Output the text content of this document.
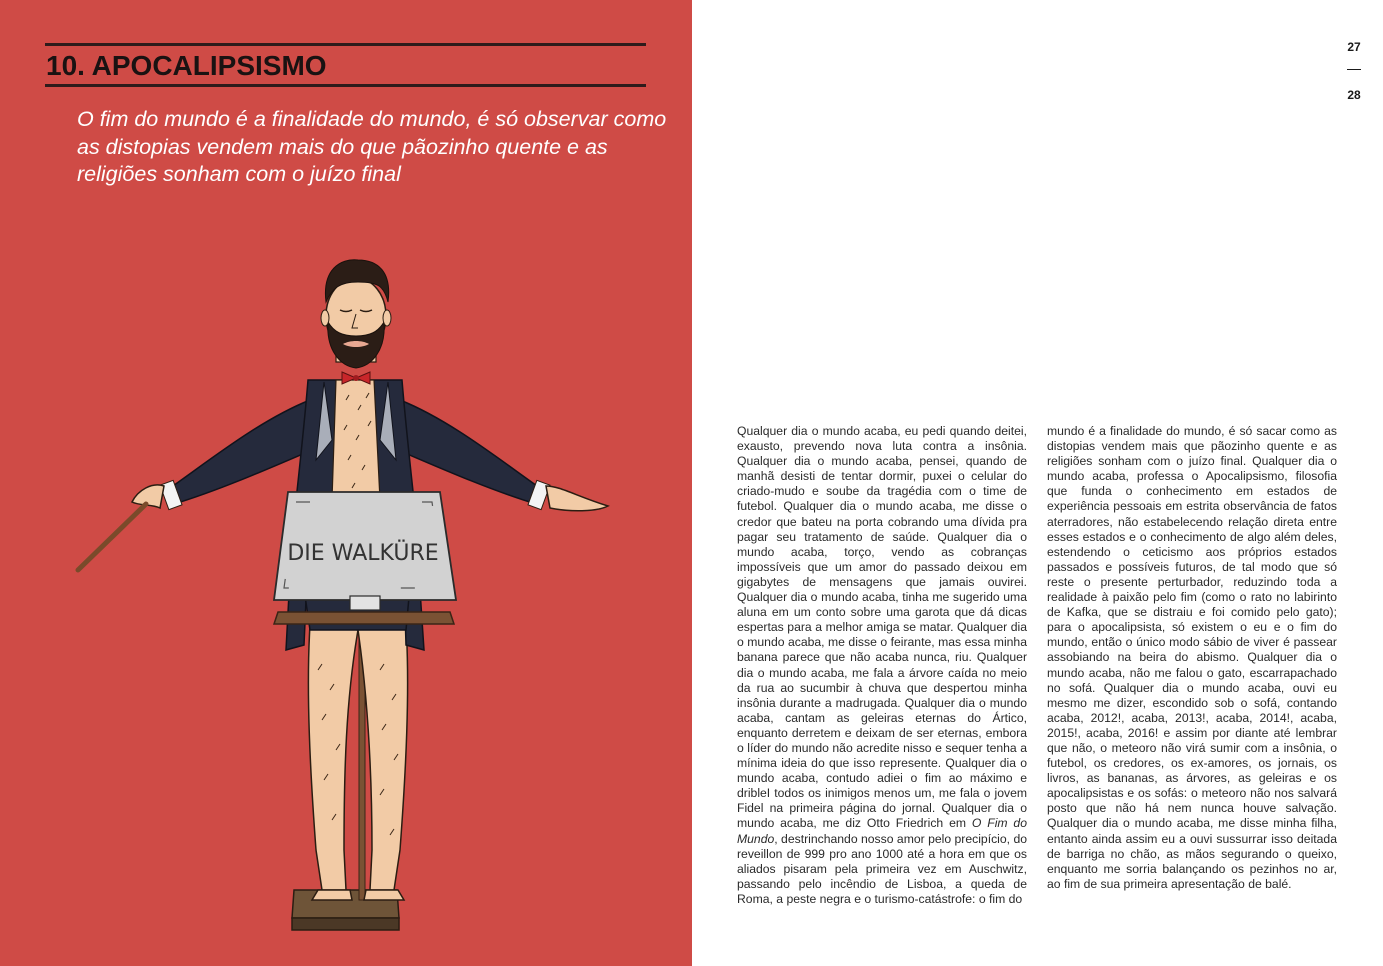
10. APOCALIPSISMO

O fim do mundo é a finalidade do mundo, é só observar como as distopias vendem mais do que pãozinho quente e as religiões sonham com o juízo final

DIE WALKÜRE
27
28
Qualquer dia o mundo acaba, eu pedi quando deitei, exausto, prevendo nova luta contra a insônia. Qualquer dia o mundo acaba, pensei, quando de manhã desisti de tentar dormir, puxei o celular do criado-mudo e soube da tragédia com o time de futebol. Qualquer dia o mundo acaba, me disse o credor que bateu na porta cobrando uma dívida pra pagar seu tratamento de saúde. Qualquer dia o mundo acaba, torço, vendo as cobranças impossíveis que um amor do passado deixou em gigabytes de mensagens que jamais ouvirei. Qualquer dia o mundo acaba, tinha me sugerido uma aluna em um conto sobre uma garota que dá dicas espertas para a melhor amiga se matar. Qualquer dia o mundo acaba, me disse o feirante, mas essa minha banana parece que não acaba nunca, riu. Qualquer dia o mundo acaba, me fala a árvore caída no meio da rua ao sucumbir à chuva que despertou minha insônia durante a madrugada. Qualquer dia o mundo acaba, cantam as geleiras eternas do Ártico, enquanto derretem e deixam de ser eternas, embora o líder do mundo não acredite nisso e sequer tenha a mínima ideia do que isso represente. Qualquer dia o mundo acaba, contudo adiei o fim ao máximo e dribleI todos os inimigos menos um, me fala o jovem Fidel na primeira página do jornal. Qualquer dia o mundo acaba, me diz Otto Friedrich em O Fim do Mundo, destrinchando nosso amor pelo precipício, do reveillon de 999 pro ano 1000 até a hora em que os aliados pisaram pela primeira vez em Auschwitz, passando pelo incêndio de Lisboa, a queda de Roma, a peste negra e o turismo-catástrofe: o fim do
mundo é a finalidade do mundo, é só sacar como as distopias vendem mais que pãozinho quente e as religiões sonham com o juízo final. Qualquer dia o mundo acaba, professa o Apocalipsismo, filosofia que funda o conhecimento em estados de experiência pessoais em estrita observância de fatos aterradores, não estabelecendo relação direta entre esses estados e o conhecimento de algo além deles, estendendo o ceticismo aos próprios estados passados e possíveis futuros, de tal modo que só reste o presente perturbador, reduzindo toda a realidade à paixão pelo fim (como o rato no labirinto de Kafka, que se distraiu e foi comido pelo gato); para o apocalipsista, só existem o eu e o fim do mundo, então o único modo sábio de viver é passear assobiando na beira do abismo. Qualquer dia o mundo acaba, não me falou o gato, escarrapachado no sofá. Qualquer dia o mundo acaba, ouvi eu mesmo me dizer, escondido sob o sofá, contando acaba, 2012!, acaba, 2013!, acaba, 2014!, acaba, 2015!, acaba, 2016! e assim por diante até lembrar que não, o meteoro não virá sumir com a insônia, o futebol, os credores, os ex-amores, os jornais, os livros, as bananas, as árvores, as geleiras e os apocalipsistas e os sofás: o meteoro não nos salvará posto que não há nem nunca houve salvação. Qualquer dia o mundo acaba, me disse minha filha, entanto ainda assim eu a ouvi sussurrar isso deitada de barriga no chão, as mãos segurando o queixo, enquanto me sorria balançando os pezinhos no ar, ao fim de sua primeira apresentação de balé.
